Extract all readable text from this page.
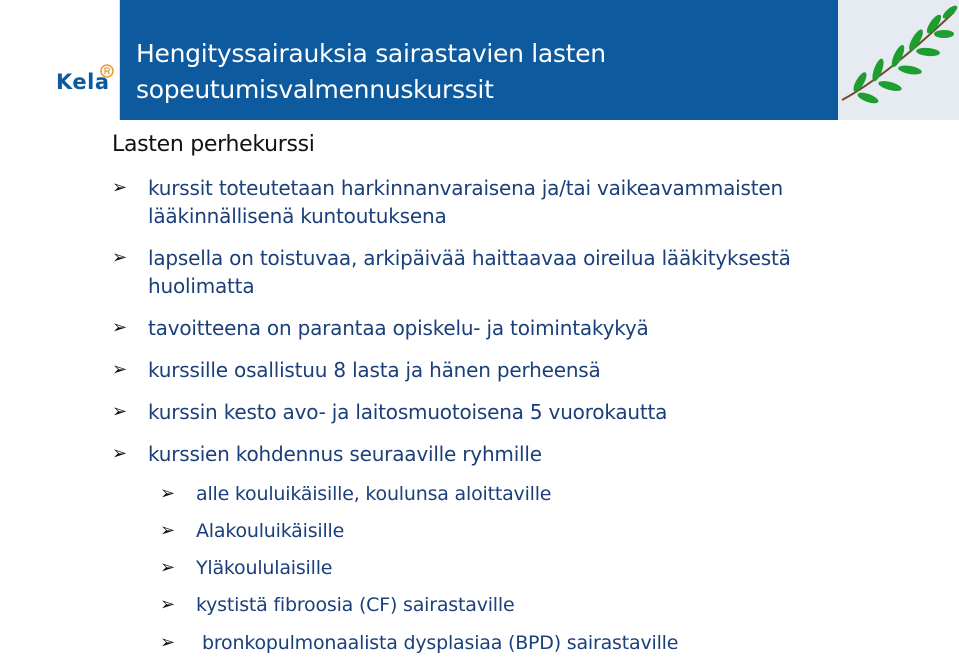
Kela
Hengityssairauksia sairastavien lasten
sopeutumisvalmennuskurssit
Lasten perhekurssi
➢ kurssit toteutetaan harkinnanvaraisena ja/tai vaikeavammaisten
lääkinnällisenä kuntoutuksena
➢ lapsella on toistuvaa, arkipäivää haittaavaa oireilua lääkityksestä
huolimatta
➢ tavoitteena on parantaa opiskelu- ja toimintakykyä
➢ kurssille osallistuu 8 lasta ja hänen perheensä
➢ kurssin kesto avo- ja laitosmuotoisena 5 vuorokautta
➢ kurssien kohdennus seuraaville ryhmille
➢ alle kouluikäisille, koulunsa aloittaville
➢ Alakouluikäisille
➢ Yläkoululaisille
➢ kystistä fibroosia (CF) sairastaville
➢ bronkopulmonaalista dysplasiaa (BPD) sairastaville
